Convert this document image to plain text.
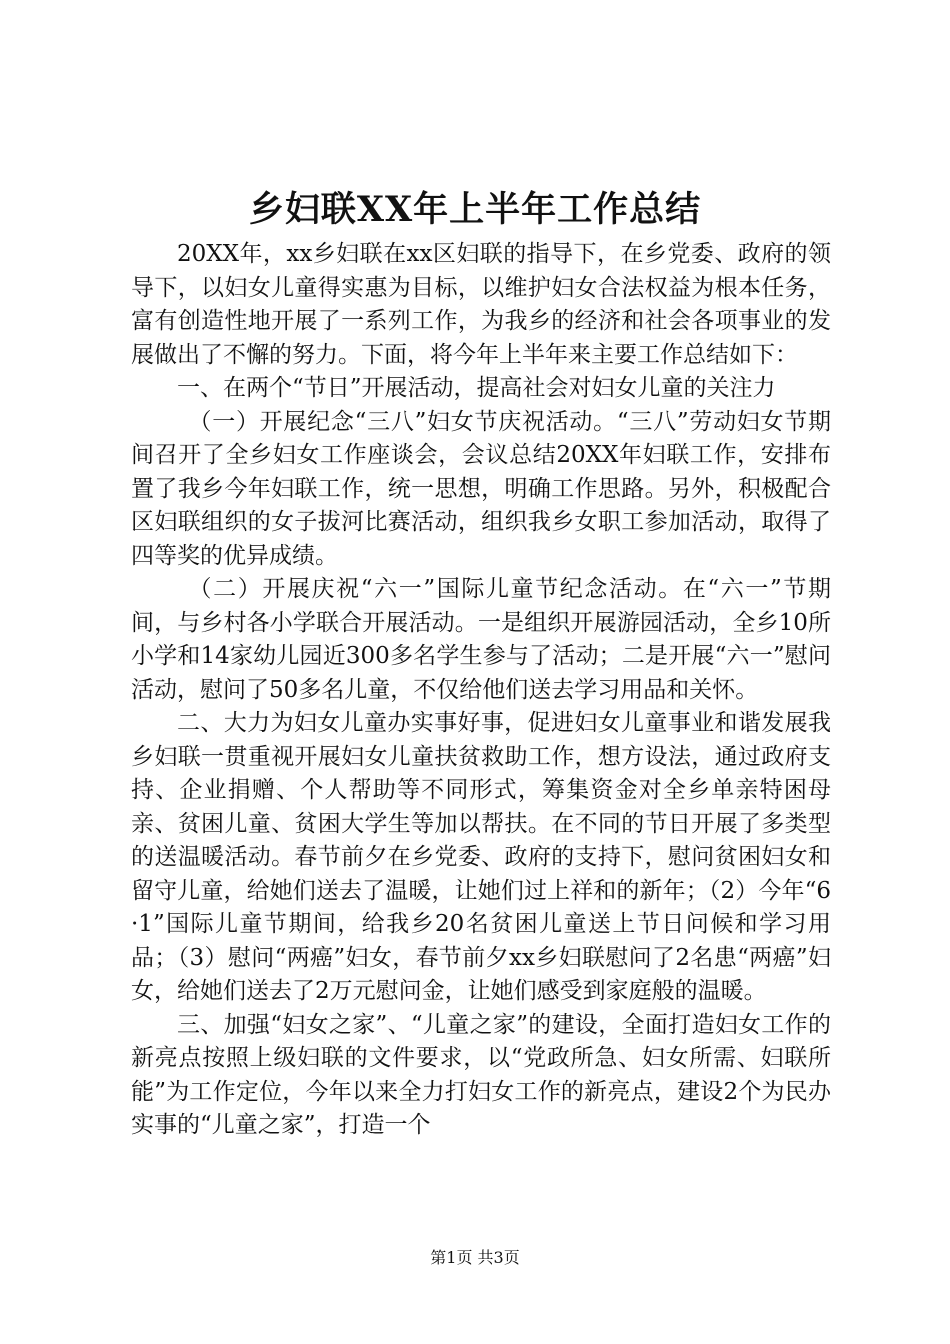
乡妇联XX年上半年工作总结

20XX年，xx乡妇联在xx区妇联的指导下，在乡党委、政府的领导下，以妇女儿童得实惠为目标，以维护妇女合法权益为根本任务，富有创造性地开展了一系列工作，为我乡的经济和社会各项事业的发展做出了不懈的努力。下面，将今年上半年来主要工作总结如下：

一、在两个“节日”开展活动，提高社会对妇女儿童的关注力

（一）开展纪念“三八”妇女节庆祝活动。“三八”劳动妇女节期间召开了全乡妇女工作座谈会，会议总结20XX年妇联工作，安排布置了我乡今年妇联工作，统一思想，明确工作思路。另外，积极配合区妇联组织的女子拔河比赛活动，组织我乡女职工参加活动，取得了四等奖的优异成绩。

（二）开展庆祝“六一”国际儿童节纪念活动。在“六一”节期间，与乡村各小学联合开展活动。一是组织开展游园活动，全乡10所小学和14家幼儿园近300多名学生参与了活动；二是开展“六一”慰问活动，慰问了50多名儿童，不仅给他们送去学习用品和关怀。

二、大力为妇女儿童办实事好事，促进妇女儿童事业和谐发展我乡妇联一贯重视开展妇女儿童扶贫救助工作，想方设法，通过政府支持、企业捐赠、个人帮助等不同形式，筹集资金对全乡单亲特困母亲、贫困儿童、贫困大学生等加以帮扶。在不同的节日开展了多类型的送温暖活动。春节前夕在乡党委、政府的支持下，慰问贫困妇女和留守儿童，给她们送去了温暖，让她们过上祥和的新年；（2）今年“6·1”国际儿童节期间，给我乡20名贫困儿童送上节日问候和学习用品；（3）慰问“两癌”妇女，春节前夕xx乡妇联慰问了2名患“两癌”妇女，给她们送去了2万元慰问金，让她们感受到家庭般的温暖。

三、加强“妇女之家”、“儿童之家”的建设，全面打造妇女工作的新亮点按照上级妇联的文件要求，以“党政所急、妇女所需、妇联所能”为工作定位，今年以来全力打妇女工作的新亮点，建设2个为民办实事的“儿童之家”，打造一个

第1页 共3页
